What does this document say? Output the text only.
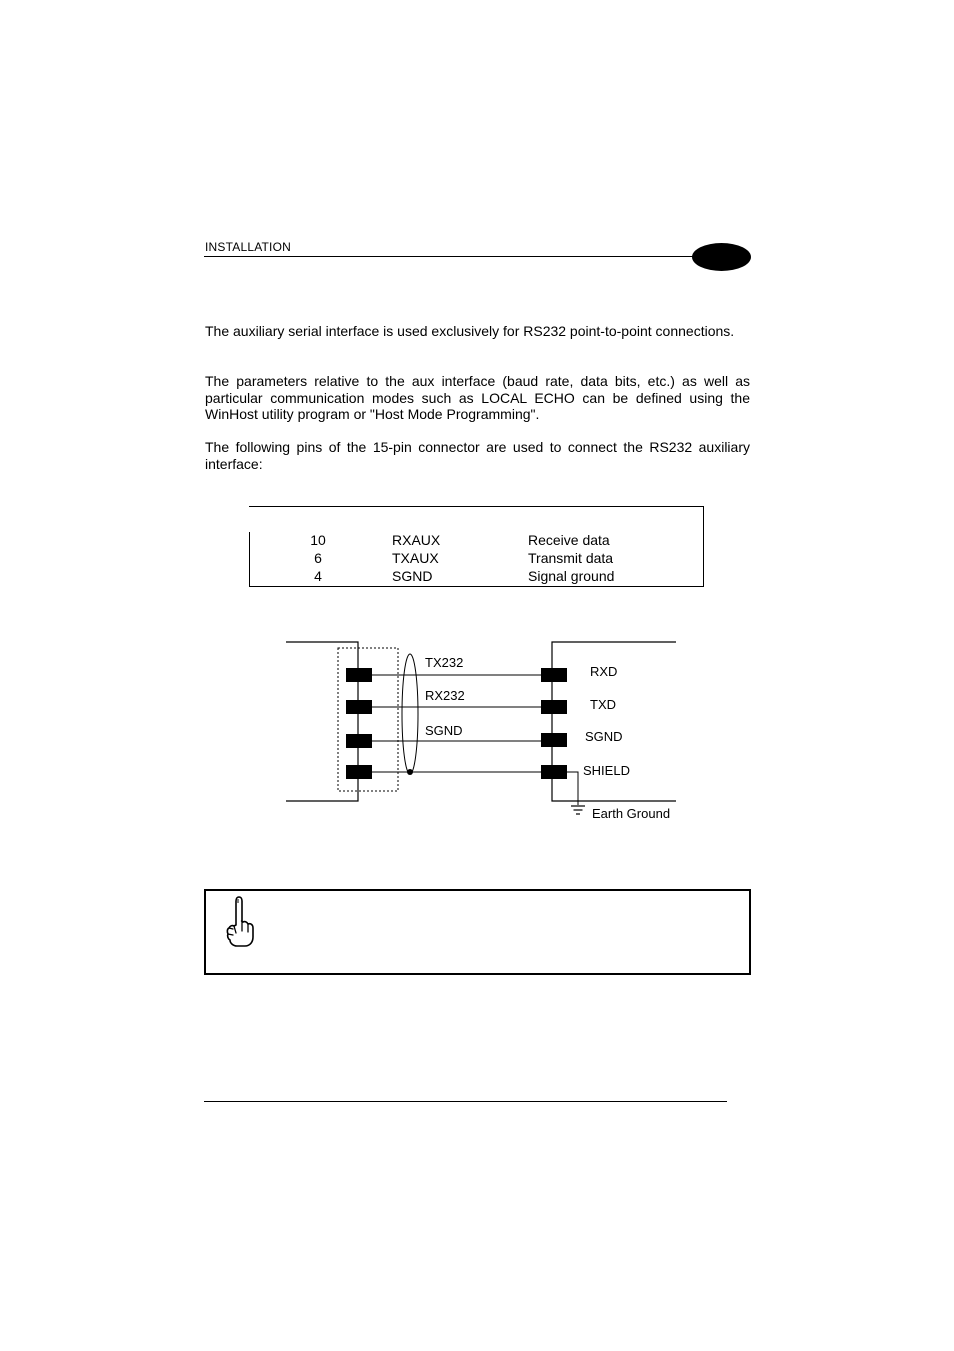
INSTALLATION
The auxiliary serial interface is used exclusively for RS232 point-to-point connections.
The parameters relative to the aux interface (baud rate, data bits, etc.) as well as particular communication modes such as LOCAL ECHO can be defined using the WinHost utility program or "Host Mode Programming".
The following pins of the 15-pin connector are used to connect the RS232 auxiliary interface:
10	RXAUX	Receive data
6	TXAUX	Transmit data
4	SGND	Signal ground
TX232
RX232
SGND
RXD
TXD
SGND
SHIELD
Earth Ground
